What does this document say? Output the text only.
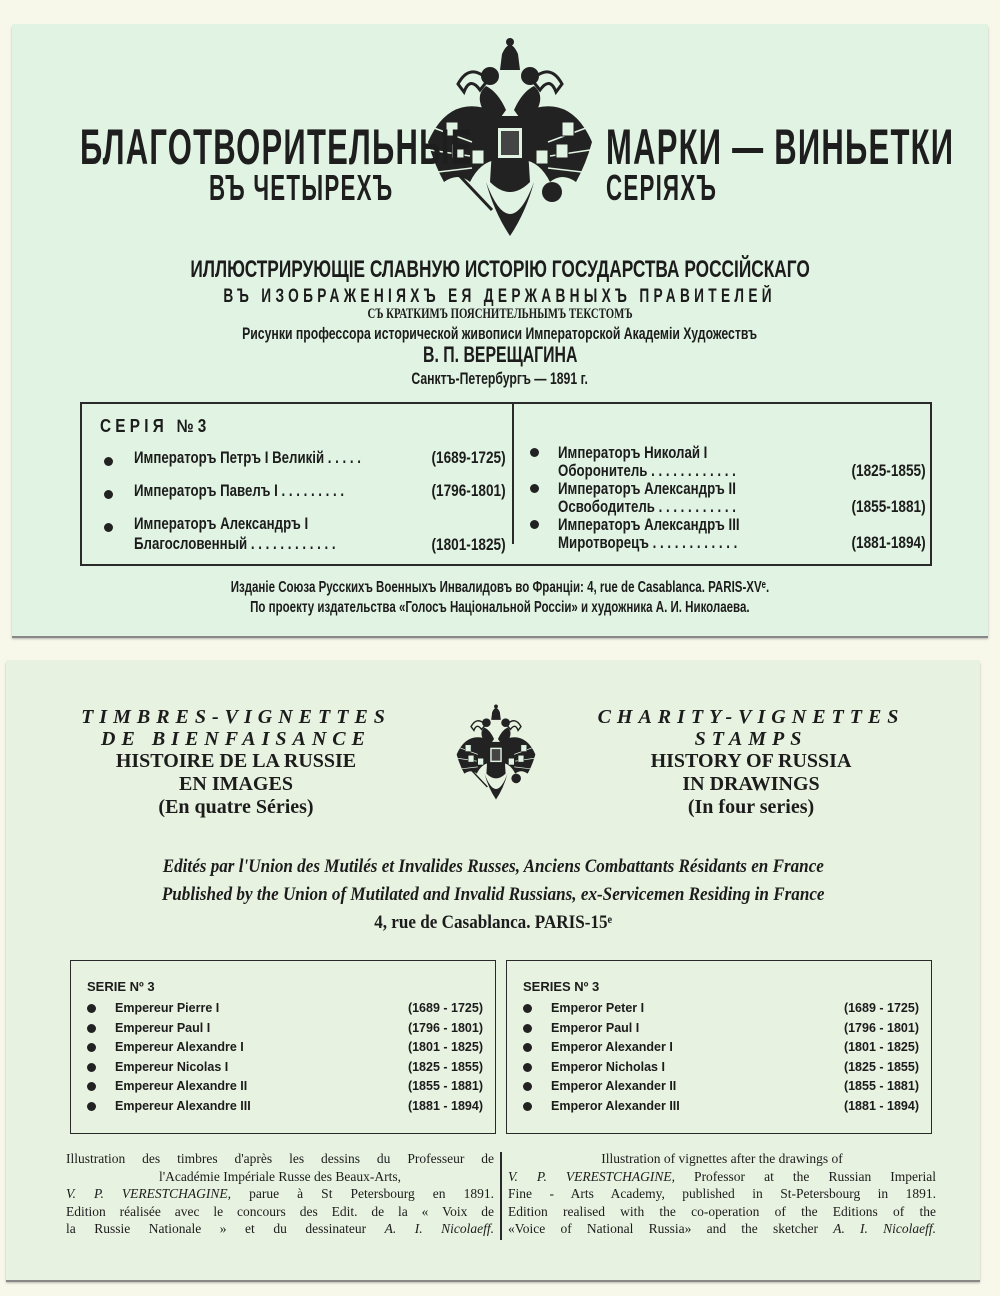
БЛАГОТВОРИТЕЛЬНЫЕ
ВЪ ЧЕТЫРЕХЪ
МАРКИ — ВИНЬЕТКИ
СЕРІЯХЪ
ИЛЛЮСТРИРУЮЩІЕ СЛАВНУЮ ИСТОРІЮ ГОСУДАРСТВА РОССІЙСКАГО
ВЪ ИЗОБРАЖЕНІЯХЪ ЕЯ ДЕРЖАВНЫХЪ ПРАВИТЕЛЕЙ
СЪ КРАТКИМЪ ПОЯСНИТЕЛЬНЫМЪ ТЕКСТОМЪ
Рисунки профессора исторической живописи Императорской Академіи Художествъ
В. П. ВЕРЕЩАГИНА
Санктъ-Петербургъ — 1891 г.
СЕРІЯ №3
Императоръ Петръ I Великій . . . . .	(1689-1725)
Императоръ Павелъ I . . . . . . . . .	(1796-1801)
Императоръ Александръ I
Благословенный . . . . . . . . . . . .	(1801-1825)
Императоръ Николай I
Оборонитель . . . . . . . . . . . .	(1825-1855)
Императоръ Александръ II
Освободитель . . . . . . . . . . .	(1855-1881)
Императоръ Александръ III
Миротворецъ . . . . . . . . . . . .	(1881-1894)
Изданіе Союза Русскихъ Военныхъ Инвалидовъ во Франціи: 4, rue de Casablanca. PARIS-XVᵉ.
По проекту издательства «Голосъ Національной Россіи» и художника А. И. Николаева.
TIMBRES-VIGNETTES
DE BIENFAISANCE
HISTOIRE DE LA RUSSIE
EN IMAGES
(En quatre Séries)
CHARITY-VIGNETTES
STAMPS
HISTORY OF RUSSIA
IN DRAWINGS
(In four series)
Edités par l'Union des Mutilés et Invalides Russes, Anciens Combattants Résidants en France
Published by the Union of Mutilated and Invalid Russians, ex-Servicemen Residing in France
4, rue de Casablanca. PARIS-15ᵉ
SERIE Nº 3
Empereur Pierre I	(1689 - 1725)
Empereur Paul I	(1796 - 1801)
Empereur Alexandre I	(1801 - 1825)
Empereur Nicolas I	(1825 - 1855)
Empereur Alexandre II	(1855 - 1881)
Empereur Alexandre III	(1881 - 1894)
SERIES Nº 3
Emperor Peter I	(1689 - 1725)
Emperor Paul I	(1796 - 1801)
Emperor Alexander I	(1801 - 1825)
Emperor Nicholas I	(1825 - 1855)
Emperor Alexander II	(1855 - 1881)
Emperor Alexander III	(1881 - 1894)
Illustration des timbres d'après les dessins du Professeur de
l'Académie Impériale Russe des Beaux-Arts,
V. P. VERESTCHAGINE, parue à St Petersbourg en 1891.
Edition réalisée avec le concours des Edit. de la « Voix de
la Russie Nationale » et du dessinateur A. I. Nicolaeff.
Illustration of vignettes after the drawings of
V. P. VERESTCHAGINE, Professor at the Russian Imperial
Fine - Arts Academy, published in St-Petersbourg in 1891.
Edition realised with the co-operation of the Editions of the
«Voice of National Russia» and the sketcher A. I. Nicolaeff.
